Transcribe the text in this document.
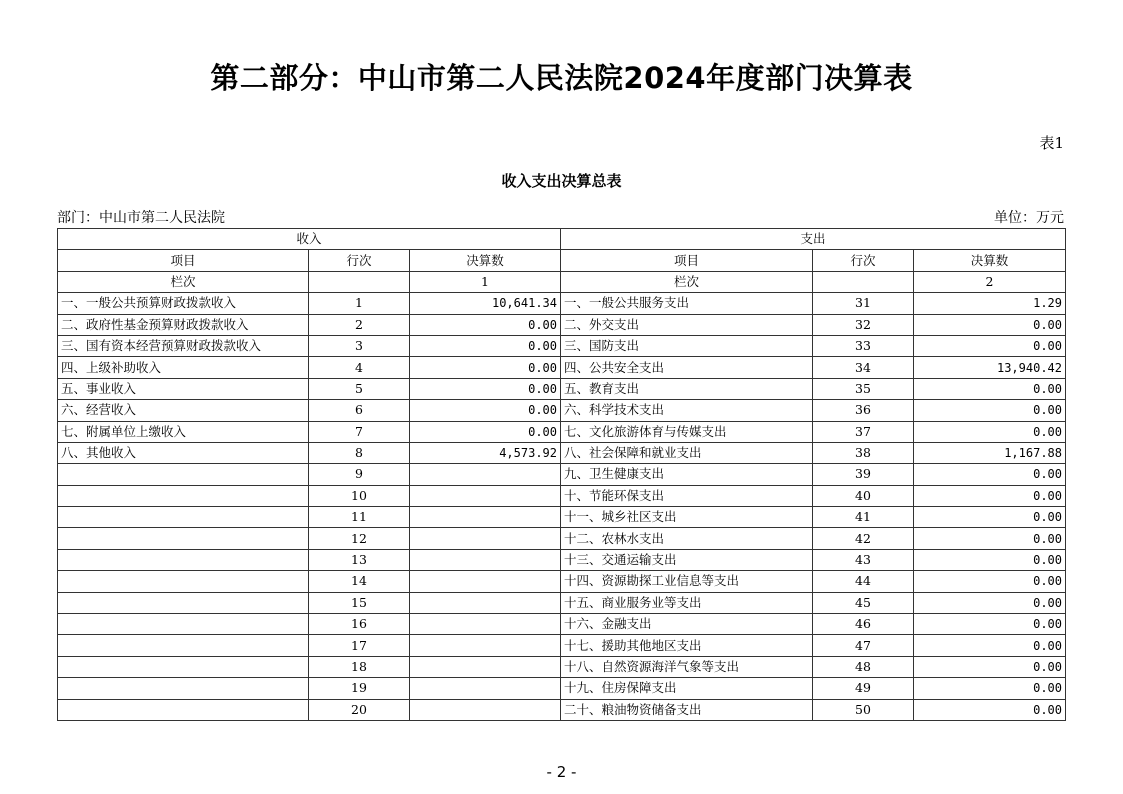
第二部分：中山市第二人民法院2024年度部门决算表
表1
收入支出决算总表
部门：中山市第二人民法院	单位：万元
收入			支出		
项目	行次	决算数	项目	行次	决算数
栏次		1	栏次		2
一、一般公共预算财政拨款收入	1	10,641.34	一、一般公共服务支出	31	1.29
二、政府性基金预算财政拨款收入	2	0.00	二、外交支出	32	0.00
三、国有资本经营预算财政拨款收入	3	0.00	三、国防支出	33	0.00
四、上级补助收入	4	0.00	四、公共安全支出	34	13,940.42
五、事业收入	5	0.00	五、教育支出	35	0.00
六、经营收入	6	0.00	六、科学技术支出	36	0.00
七、附属单位上缴收入	7	0.00	七、文化旅游体育与传媒支出	37	0.00
八、其他收入	8	4,573.92	八、社会保障和就业支出	38	1,167.88
	9		九、卫生健康支出	39	0.00
	10		十、节能环保支出	40	0.00
	11		十一、城乡社区支出	41	0.00
	12		十二、农林水支出	42	0.00
	13		十三、交通运输支出	43	0.00
	14		十四、资源勘探工业信息等支出	44	0.00
	15		十五、商业服务业等支出	45	0.00
	16		十六、金融支出	46	0.00
	17		十七、援助其他地区支出	47	0.00
	18		十八、自然资源海洋气象等支出	48	0.00
	19		十九、住房保障支出	49	0.00
	20		二十、粮油物资储备支出	50	0.00
- 2 -
